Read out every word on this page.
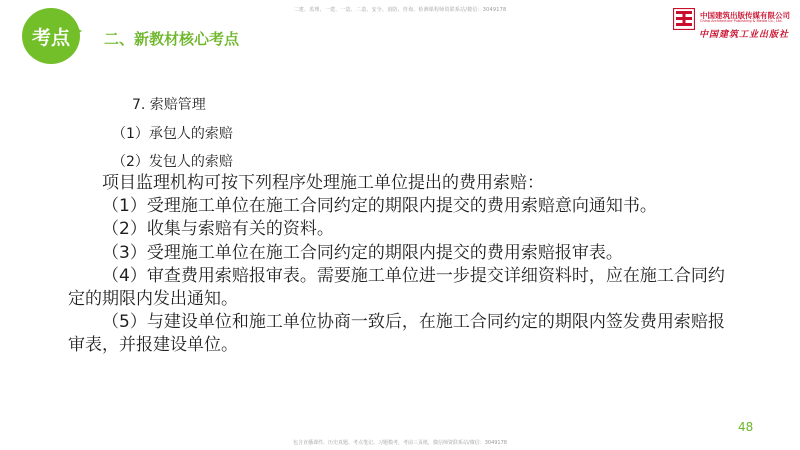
二建、监理、一建、一造、二造、安全、消防、咨询、检测课程师资联系站/微信：3049178
考点	二、新教材核心考点
中国建筑出版传媒有限公司
China Architecture Publishing & Media Co., Ltd.
中国建筑工业出版社
7. 索赔管理
（1）承包人的索赔
（2）发包人的索赔

项目监理机构可按下列程序处理施工单位提出的费用索赔：

（1）受理施工单位在施工合同约定的期限内提交的费用索赔意向通知书。

（2）收集与索赔有关的资料。

（3）受理施工单位在施工合同约定的期限内提交的费用索赔报审表。

（4）审查费用索赔报审表。需要施工单位进一步提交详细资料时，应在施工合同约定的期限内发出通知。

（5）与建设单位和施工单位协商一致后，在施工合同约定的期限内签发费用索赔报审表，并报建设单位。

48
包含直播课件、历史真题、考点笔记、习题模考，考前三页纸，微信师资联系站/微信：3049178
